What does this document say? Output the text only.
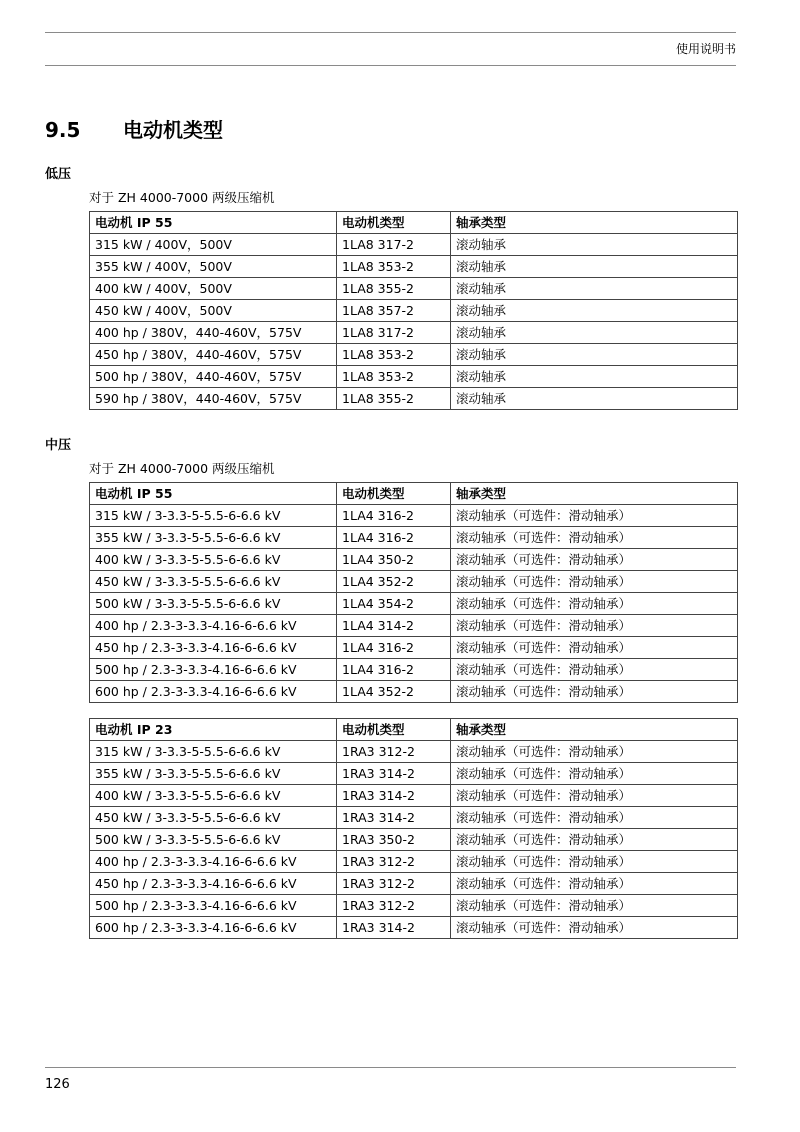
使用说明书
9.5 电动机类型
低压
对于 ZH 4000-7000 两级压缩机
电动机 IP 55	电动机类型	轴承类型
315 kW / 400V，500V	1LA8 317-2	滚动轴承
355 kW / 400V，500V	1LA8 353-2	滚动轴承
400 kW / 400V，500V	1LA8 355-2	滚动轴承
450 kW / 400V，500V	1LA8 357-2	滚动轴承
400 hp / 380V，440-460V，575V	1LA8 317-2	滚动轴承
450 hp / 380V，440-460V，575V	1LA8 353-2	滚动轴承
500 hp / 380V，440-460V，575V	1LA8 353-2	滚动轴承
590 hp / 380V，440-460V，575V	1LA8 355-2	滚动轴承
中压
对于 ZH 4000-7000 两级压缩机
电动机 IP 55	电动机类型	轴承类型
315 kW / 3-3.3-5-5.5-6-6.6 kV	1LA4 316-2	滚动轴承（可选件：滑动轴承）
355 kW / 3-3.3-5-5.5-6-6.6 kV	1LA4 316-2	滚动轴承（可选件：滑动轴承）
400 kW / 3-3.3-5-5.5-6-6.6 kV	1LA4 350-2	滚动轴承（可选件：滑动轴承）
450 kW / 3-3.3-5-5.5-6-6.6 kV	1LA4 352-2	滚动轴承（可选件：滑动轴承）
500 kW / 3-3.3-5-5.5-6-6.6 kV	1LA4 354-2	滚动轴承（可选件：滑动轴承）
400 hp / 2.3-3-3.3-4.16-6-6.6 kV	1LA4 314-2	滚动轴承（可选件：滑动轴承）
450 hp / 2.3-3-3.3-4.16-6-6.6 kV	1LA4 316-2	滚动轴承（可选件：滑动轴承）
500 hp / 2.3-3-3.3-4.16-6-6.6 kV	1LA4 316-2	滚动轴承（可选件：滑动轴承）
600 hp / 2.3-3-3.3-4.16-6-6.6 kV	1LA4 352-2	滚动轴承（可选件：滑动轴承）
电动机 IP 23	电动机类型	轴承类型
315 kW / 3-3.3-5-5.5-6-6.6 kV	1RA3 312-2	滚动轴承（可选件：滑动轴承）
355 kW / 3-3.3-5-5.5-6-6.6 kV	1RA3 314-2	滚动轴承（可选件：滑动轴承）
400 kW / 3-3.3-5-5.5-6-6.6 kV	1RA3 314-2	滚动轴承（可选件：滑动轴承）
450 kW / 3-3.3-5-5.5-6-6.6 kV	1RA3 314-2	滚动轴承（可选件：滑动轴承）
500 kW / 3-3.3-5-5.5-6-6.6 kV	1RA3 350-2	滚动轴承（可选件：滑动轴承）
400 hp / 2.3-3-3.3-4.16-6-6.6 kV	1RA3 312-2	滚动轴承（可选件：滑动轴承）
450 hp / 2.3-3-3.3-4.16-6-6.6 kV	1RA3 312-2	滚动轴承（可选件：滑动轴承）
500 hp / 2.3-3-3.3-4.16-6-6.6 kV	1RA3 312-2	滚动轴承（可选件：滑动轴承）
600 hp / 2.3-3-3.3-4.16-6-6.6 kV	1RA3 314-2	滚动轴承（可选件：滑动轴承）
126
